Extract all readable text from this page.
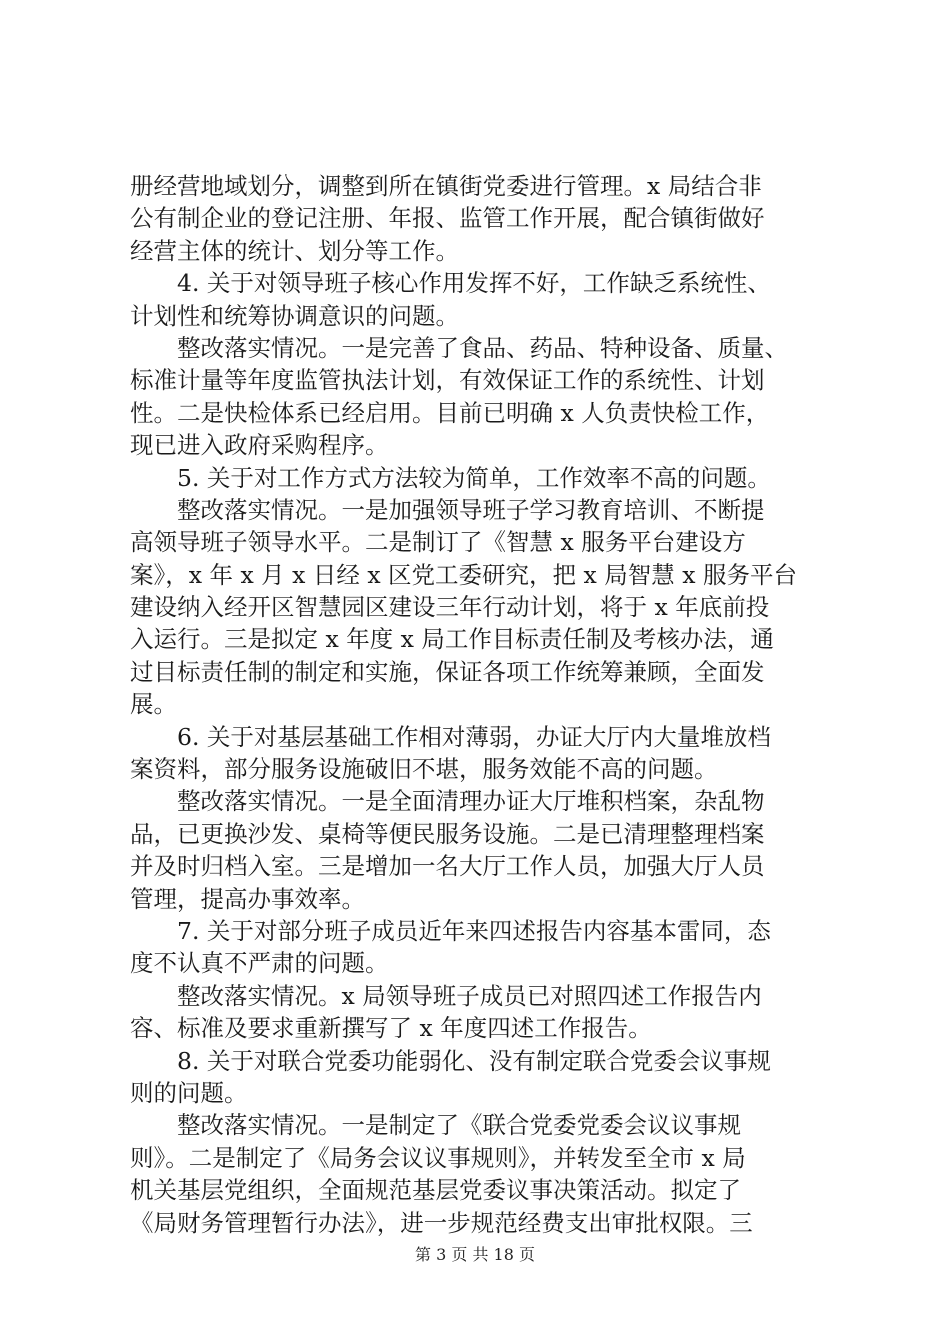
册经营地域划分，调整到所在镇街党委进行管理。x 局结合非
公有制企业的登记注册、年报、监管工作开展，配合镇街做好
经营主体的统计、划分等工作。
4. 关于对领导班子核心作用发挥不好，工作缺乏系统性、
计划性和统筹协调意识的问题。
整改落实情况。一是完善了食品、药品、特种设备、质量、
标准计量等年度监管执法计划，有效保证工作的系统性、计划
性。二是快检体系已经启用。目前已明确 x 人负责快检工作，
现已进入政府采购程序。
5. 关于对工作方式方法较为简单，工作效率不高的问题。
整改落实情况。一是加强领导班子学习教育培训、不断提
高领导班子领导水平。二是制订了《智慧 x 服务平台建设方
案》，x 年 x 月 x 日经 x 区党工委研究，把 x 局智慧 x 服务平台
建设纳入经开区智慧园区建设三年行动计划，将于 x 年底前投
入运行。三是拟定 x 年度 x 局工作目标责任制及考核办法，通
过目标责任制的制定和实施，保证各项工作统筹兼顾，全面发
展。
6. 关于对基层基础工作相对薄弱，办证大厅内大量堆放档
案资料，部分服务设施破旧不堪，服务效能不高的问题。
整改落实情况。一是全面清理办证大厅堆积档案，杂乱物
品，已更换沙发、桌椅等便民服务设施。二是已清理整理档案
并及时归档入室。三是增加一名大厅工作人员，加强大厅人员
管理，提高办事效率。
7. 关于对部分班子成员近年来四述报告内容基本雷同，态
度不认真不严肃的问题。
整改落实情况。x 局领导班子成员已对照四述工作报告内
容、标准及要求重新撰写了 x 年度四述工作报告。
8. 关于对联合党委功能弱化、没有制定联合党委会议事规
则的问题。
整改落实情况。一是制定了《联合党委党委会议议事规
则》。二是制定了《局务会议议事规则》，并转发至全市 x 局
机关基层党组织，全面规范基层党委议事决策活动。拟定了
《局财务管理暂行办法》，进一步规范经费支出审批权限。三
第 3 页 共 18 页
